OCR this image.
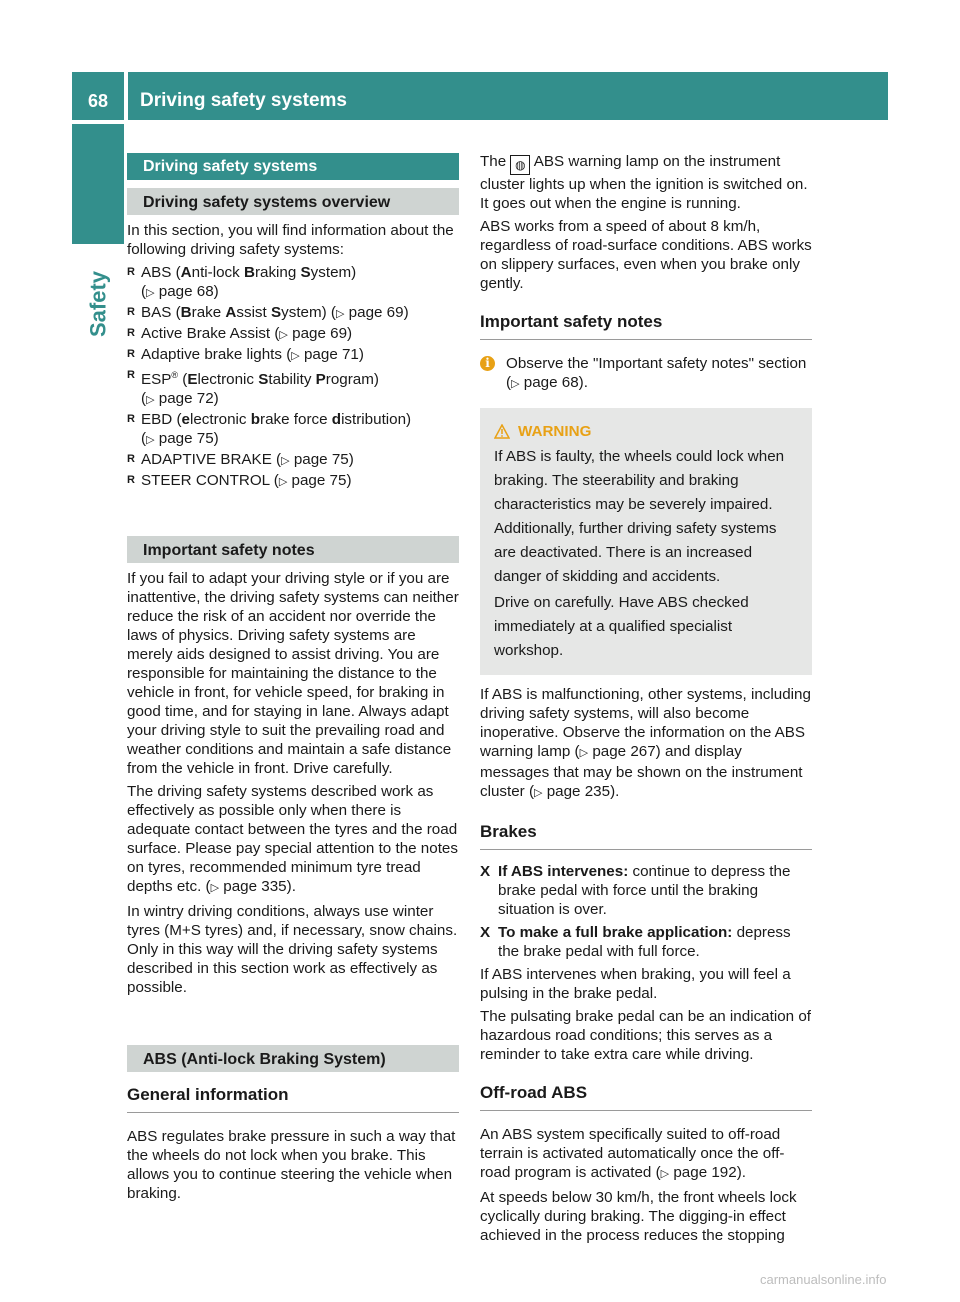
68	Driving safety systems
Safety
Driving safety systems
Driving safety systems overview

In this section, you will find information about the following driving safety systems:

R ABS (Anti-lock Braking System)
(▷ page 68)
R BAS (Brake Assist System) (▷ page 69)
R Active Brake Assist (▷ page 69)
R Adaptive brake lights (▷ page 71)
R ESP® (Electronic Stability Program)
(▷ page 72)
R EBD (electronic brake force distribution)
(▷ page 75)
R ADAPTIVE BRAKE (▷ page 75)
R STEER CONTROL (▷ page 75)
Important safety notes

If you fail to adapt your driving style or if you are inattentive, the driving safety systems can neither reduce the risk of an accident nor override the laws of physics. Driving safety systems are merely aids designed to assist driving. You are responsible for maintaining the distance to the vehicle in front, for vehicle speed, for braking in good time, and for staying in lane. Always adapt your driving style to suit the prevailing road and weather conditions and maintain a safe distance from the vehicle in front. Drive carefully.

The driving safety systems described work as effectively as possible only when there is adequate contact between the tyres and the road surface. Please pay special attention to the notes on tyres, recommended minimum tyre tread depths etc. (▷ page 335).

In wintry driving conditions, always use winter tyres (M+S tyres) and, if necessary, snow chains. Only in this way will the driving safety systems described in this section work as effectively as possible.

ABS (Anti-lock Braking System)
General information

ABS regulates brake pressure in such a way that the wheels do not lock when you brake. This allows you to continue steering the vehicle when braking.

The ◍ ABS warning lamp on the instrument cluster lights up when the ignition is switched on. It goes out when the engine is running.

ABS works from a speed of about 8 km/h, regardless of road-surface conditions. ABS works on slippery surfaces, even when you brake only gently.

Important safety notes

i	Observe the "Important safety notes" section (▷ page 68).

WARNING

If ABS is faulty, the wheels could lock when braking. The steerability and braking characteristics may be severely impaired. Additionally, further driving safety systems are deactivated. There is an increased danger of skidding and accidents.

Drive on carefully. Have ABS checked immediately at a qualified specialist workshop.

If ABS is malfunctioning, other systems, including driving safety systems, will also become inoperative. Observe the information on the ABS warning lamp (▷ page 267) and display messages that may be shown on the instrument cluster (▷ page 235).

Brakes

X If ABS intervenes: continue to depress the brake pedal with force until the braking situation is over.

X To make a full brake application: depress the brake pedal with full force.

If ABS intervenes when braking, you will feel a pulsing in the brake pedal.

The pulsating brake pedal can be an indication of hazardous road conditions; this serves as a reminder to take extra care while driving.

Off-road ABS

An ABS system specifically suited to off-road terrain is activated automatically once the off-road program is activated (▷ page 192).

At speeds below 30 km/h, the front wheels lock cyclically during braking. The digging-in effect achieved in the process reduces the stopping

carmanualsonline.info
